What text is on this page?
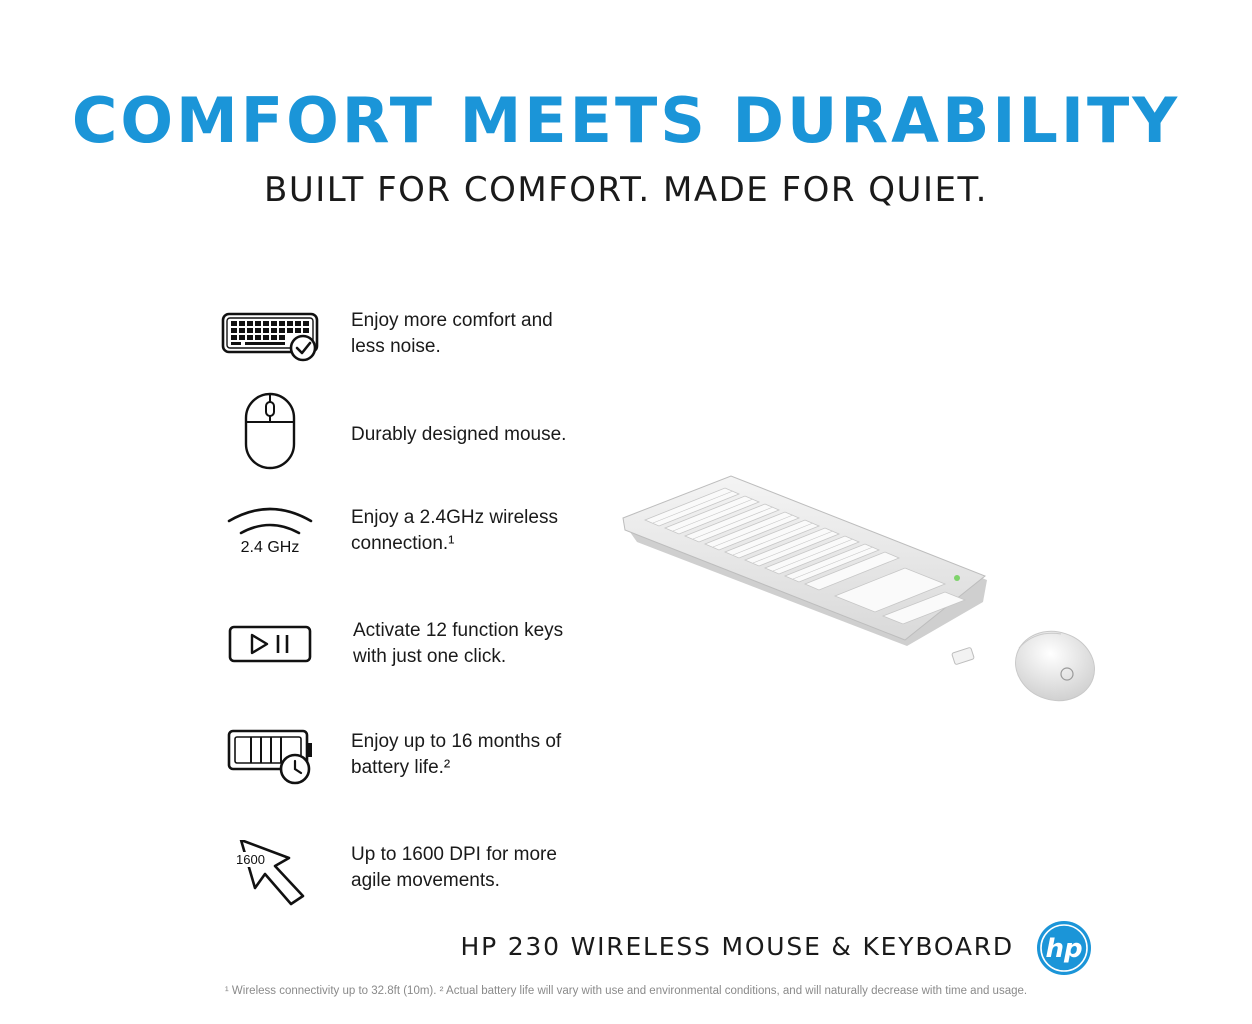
COMFORT MEETS DURABILITY
BUILT FOR COMFORT. MADE FOR QUIET.
Enjoy more comfort and
less noise.
Durably designed mouse.
2.4 GHz
Enjoy a 2.4GHz wireless
connection.¹
Activate 12 function keys
with just one click.
Enjoy up to 16 months of
battery life.²
1600	Up to 1600 DPI for more
agile movements.
HP 230 WIRELESS MOUSE & KEYBOARD hp
¹ Wireless connectivity up to 32.8ft (10m). ² Actual battery life will vary with use and environmental conditions, and will naturally decrease with time and usage.
